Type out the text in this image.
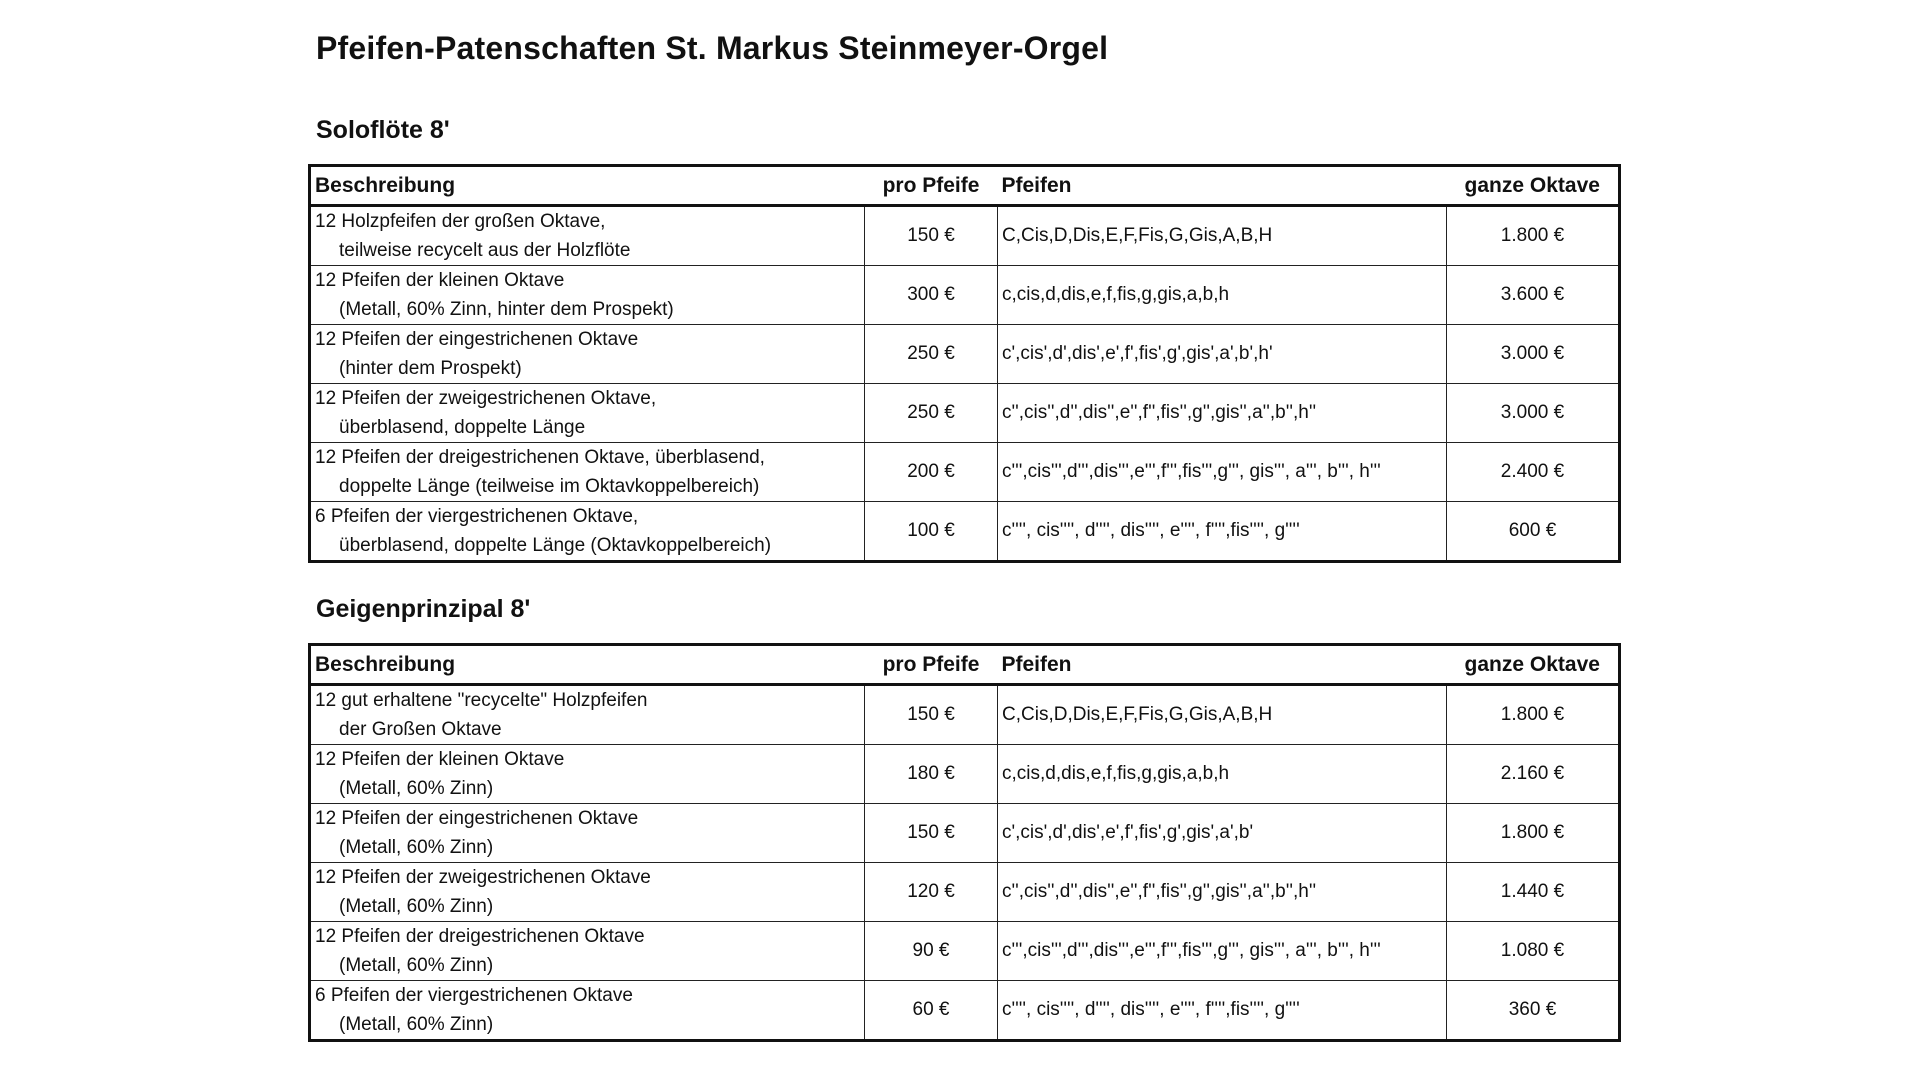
Pfeifen-Patenschaften St. Markus Steinmeyer-Orgel
Soloflöte 8'
Beschreibung	pro Pfeife	Pfeifen	ganze Oktave

12 Holzpfeifen der großen Oktave,
teilweise recycelt aus der Holzflöte	150 €	C,Cis,D,Dis,E,F,Fis,G,Gis,A,B,H	1.800 €

12 Pfeifen der kleinen Oktave
(Metall, 60% Zinn, hinter dem Prospekt)	300 €	c,cis,d,dis,e,f,fis,g,gis,a,b,h	3.600 €

12 Pfeifen der eingestrichenen Oktave
(hinter dem Prospekt)	250 €	c',cis',d',dis',e',f',fis',g',gis',a',b',h'	3.000 €

12 Pfeifen der zweigestrichenen Oktave,
überblasend, doppelte Länge	250 €	c'',cis'',d'',dis'',e'',f'',fis'',g'',gis'',a'',b'',h''	3.000 €

12 Pfeifen der dreigestrichenen Oktave, überblasend,
doppelte Länge (teilweise im Oktavkoppelbereich)	200 €	c''',cis''',d''',dis''',e''',f''',fis''',g''', gis''', a''', b''', h'''	2.400 €

6 Pfeifen der viergestrichenen Oktave,
überblasend, doppelte Länge (Oktavkoppelbereich)	100 €	c'''', cis'''', d'''', dis'''', e'''', f'''',fis'''', g''''	600 €
Geigenprinzipal 8'
Beschreibung	pro Pfeife	Pfeifen	ganze Oktave

12 gut erhaltene "recycelte" Holzpfeifen
der Großen Oktave	150 €	C,Cis,D,Dis,E,F,Fis,G,Gis,A,B,H	1.800 €

12 Pfeifen der kleinen Oktave
(Metall, 60% Zinn)	180 €	c,cis,d,dis,e,f,fis,g,gis,a,b,h	2.160 €

12 Pfeifen der eingestrichenen Oktave
(Metall, 60% Zinn)	150 €	c',cis',d',dis',e',f',fis',g',gis',a',b'	1.800 €

12 Pfeifen der zweigestrichenen Oktave
(Metall, 60% Zinn)	120 €	c'',cis'',d'',dis'',e'',f'',fis'',g'',gis'',a'',b'',h''	1.440 €

12 Pfeifen der dreigestrichenen Oktave
(Metall, 60% Zinn)	90 €	c''',cis''',d''',dis''',e''',f''',fis''',g''', gis''', a''', b''', h'''	1.080 €

6 Pfeifen der viergestrichenen Oktave
(Metall, 60% Zinn)	60 €	c'''', cis'''', d'''', dis'''', e'''', f'''',fis'''', g''''	360 €
